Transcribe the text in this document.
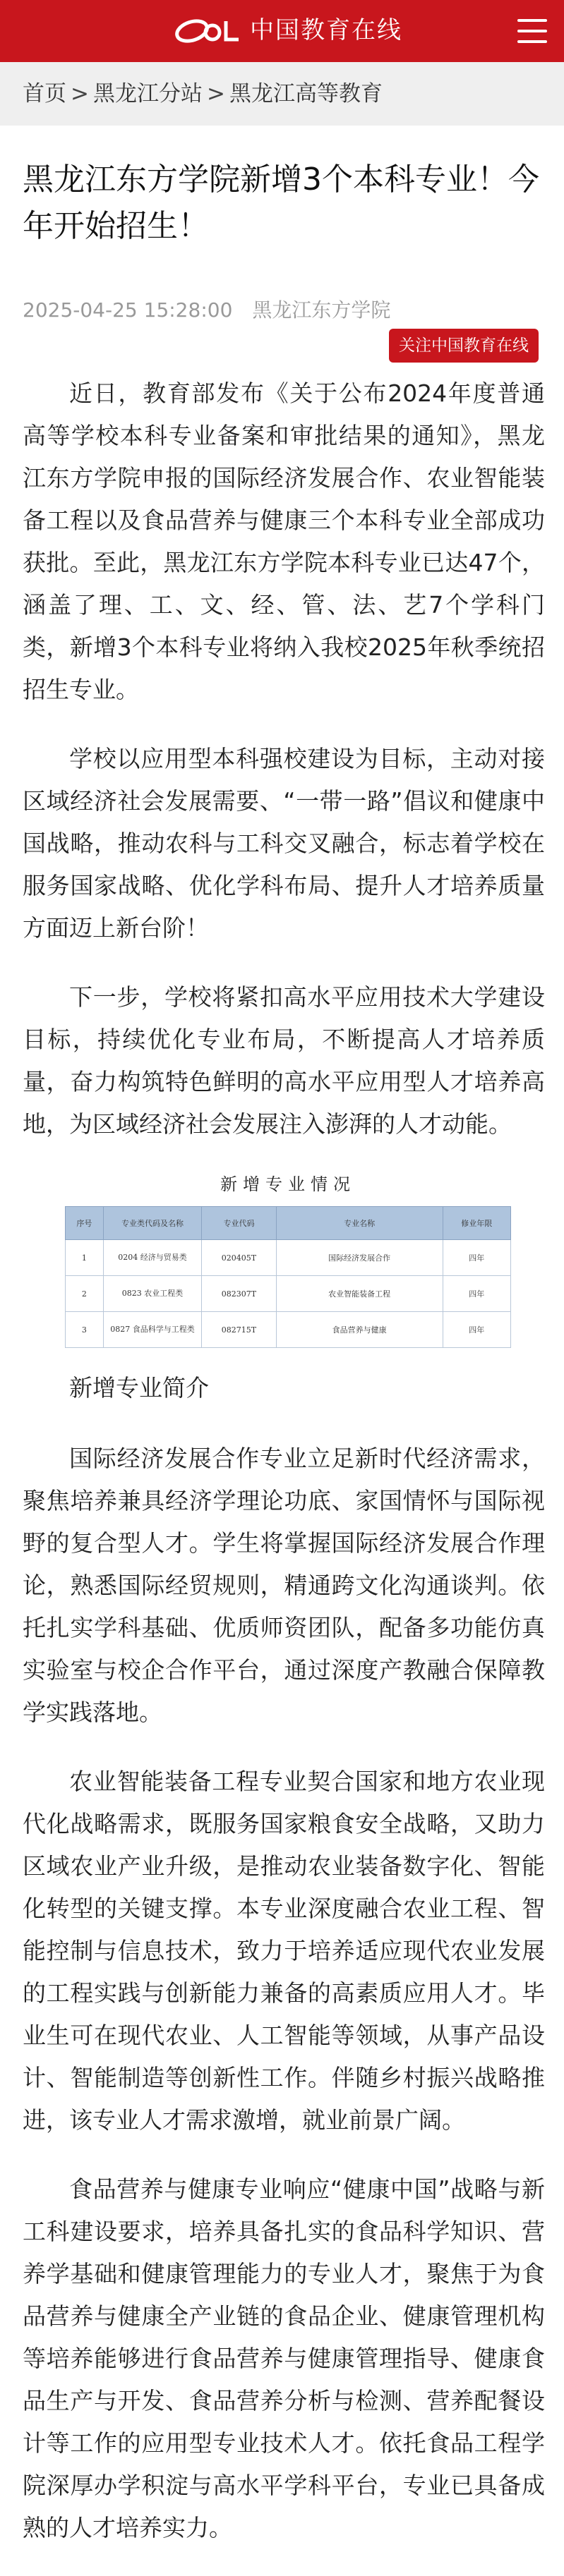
中国教育在线
首页 > 黑龙江分站 > 黑龙江高等教育
黑龙江东方学院新增3个本科专业！今年开始招生！
2025-04-25 15:28:00 黑龙江东方学院
关注中国教育在线

近日，教育部发布《关于公布2024年度普通高等学校本科专业备案和审批结果的通知》，黑龙江东方学院申报的国际经济发展合作、农业智能装备工程以及食品营养与健康三个本科专业全部成功获批。至此，黑龙江东方学院本科专业已达47个，涵盖了理、工、文、经、管、法、艺7个学科门类，新增3个本科专业将纳入我校2025年秋季统招招生专业。

学校以应用型本科强校建设为目标，主动对接区域经济社会发展需要、“一带一路”倡议和健康中国战略，推动农科与工科交叉融合，标志着学校在服务国家战略、优化学科布局、提升人才培养质量方面迈上新台阶！

下一步，学校将紧扣高水平应用技术大学建设目标，持续优化专业布局，不断提高人才培养质量，奋力构筑特色鲜明的高水平应用型人才培养高地，为区域经济社会发展注入澎湃的人才动能。

新增专业情况
序号	专业类代码及名称	专业代码	专业名称	修业年限
1	0204 经济与贸易类	020405T	国际经济发展合作	四年
2	0823 农业工程类	082307T	农业智能装备工程	四年
3	0827 食品科学与工程类	082715T	食品营养与健康	四年

新增专业简介

国际经济发展合作专业立足新时代经济需求，聚焦培养兼具经济学理论功底、家国情怀与国际视野的复合型人才。学生将掌握国际经济发展合作理论，熟悉国际经贸规则，精通跨文化沟通谈判。依托扎实学科基础、优质师资团队，配备多功能仿真实验室与校企合作平台，通过深度产教融合保障教学实践落地。

农业智能装备工程专业契合国家和地方农业现代化战略需求，既服务国家粮食安全战略，又助力区域农业产业升级，是推动农业装备数字化、智能化转型的关键支撑。本专业深度融合农业工程、智能控制与信息技术，致力于培养适应现代农业发展的工程实践与创新能力兼备的高素质应用人才。毕业生可在现代农业、人工智能等领域，从事产品设计、智能制造等创新性工作。伴随乡村振兴战略推进，该专业人才需求激增，就业前景广阔。

食品营养与健康专业响应“健康中国”战略与新工科建设要求，培养具备扎实的食品科学知识、营养学基础和健康管理能力的专业人才，聚焦于为食品营养与健康全产业链的食品企业、健康管理机构等培养能够进行食品营养与健康管理指导、健康食品生产与开发、食品营养分析与检测、营养配餐设计等工作的应用型专业技术人才。依托食品工程学院深厚办学积淀与高水平学科平台，专业已具备成熟的人才培养实力。
